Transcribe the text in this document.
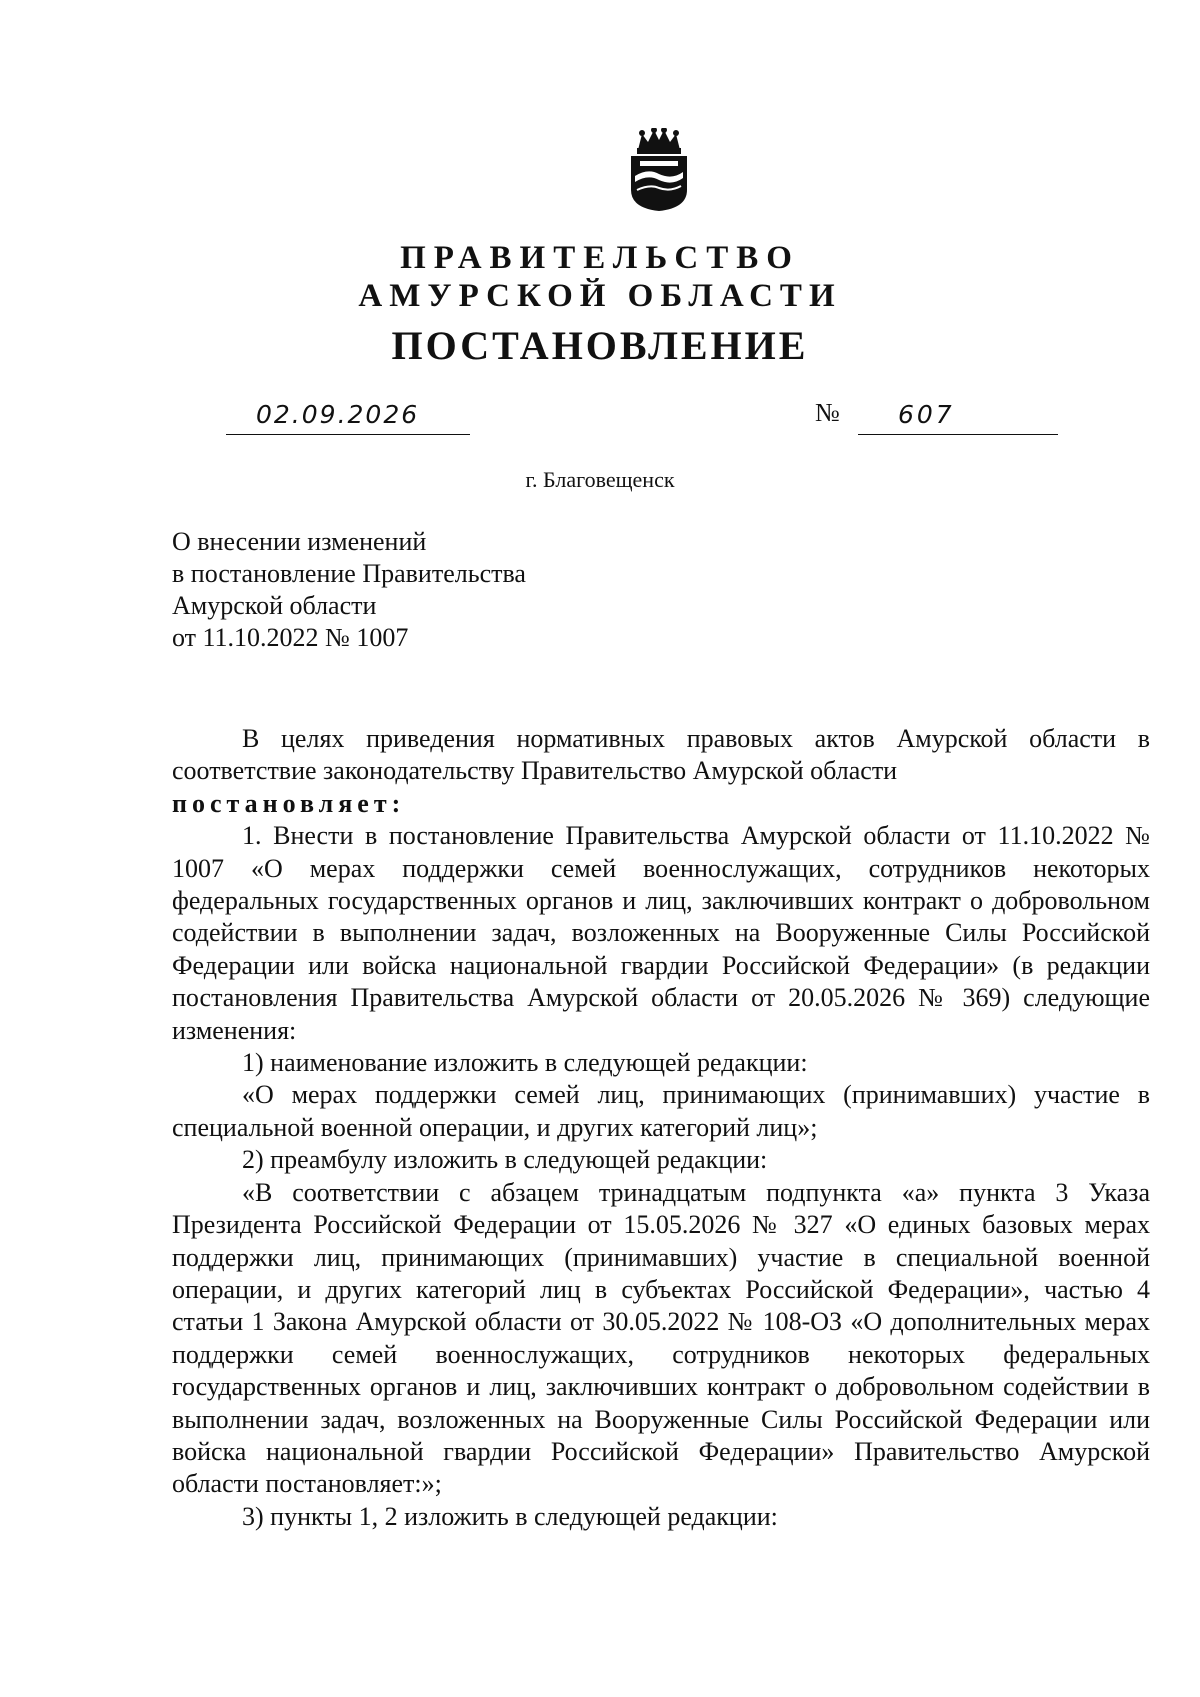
ПРАВИТЕЛЬСТВО
АМУРСКОЙ ОБЛАСТИ
ПОСТАНОВЛЕНИЕ
02.09.2026	№ 607
г. Благовещенск
О внесении изменений
в постановление Правительства
Амурской области
от 11.10.2022 № 1007

В целях приведения нормативных правовых актов Амурской области в соответствие законодательству Правительство Амурской области

постановляет:

1. Внести в постановление Правительства Амурской области от 11.10.2022 № 1007 «О мерах поддержки семей военнослужащих, сотрудников некоторых федеральных государственных органов и лиц, заключивших контракт о добровольном содействии в выполнении задач, возложенных на Вооруженные Силы Российской Федерации или войска национальной гвардии Российской Федерации» (в редакции постановления Правительства Амурской области от 20.05.2026 № 369) следующие изменения:

1) наименование изложить в следующей редакции:

«О мерах поддержки семей лиц, принимающих (принимавших) участие в специальной военной операции, и других категорий лиц»;

2) преамбулу изложить в следующей редакции:

«В соответствии с абзацем тринадцатым подпункта «а» пункта 3 Указа Президента Российской Федерации от 15.05.2026 № 327 «О единых базовых мерах поддержки лиц, принимающих (принимавших) участие в специальной военной операции, и других категорий лиц в субъектах Российской Федерации», частью 4 статьи 1 Закона Амурской области от 30.05.2022 № 108-ОЗ «О дополнительных мерах поддержки семей военнослужащих, сотрудников некоторых федеральных государственных органов и лиц, заключивших контракт о добровольном содействии в выполнении задач, возложенных на Вооруженные Силы Российской Федерации или войска национальной гвардии Российской Федерации» Правительство Амурской области постановляет:»;

3) пункты 1, 2 изложить в следующей редакции:
